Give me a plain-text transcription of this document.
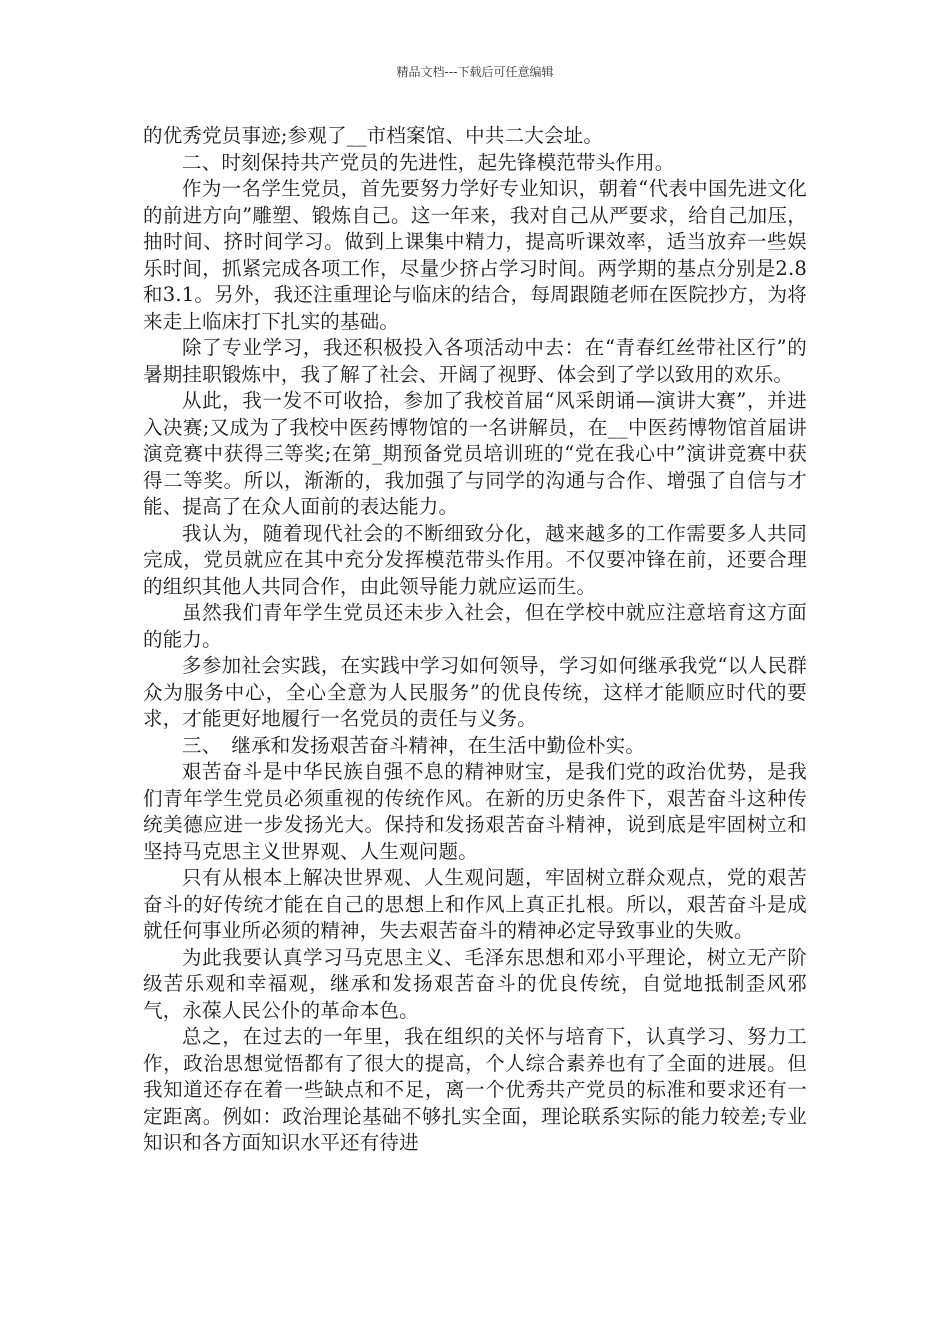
精品文档---下载后可任意编辑

的优秀党员事迹;参观了__市档案馆、中共二大会址。

二、时刻保持共产党员的先进性，起先锋模范带头作用。

作为一名学生党员，首先要努力学好专业知识，朝着“代表中国先进文化的前进方向”雕塑、锻炼自己。这一年来，我对自己从严要求，给自己加压，抽时间、挤时间学习。做到上课集中精力，提高听课效率，适当放弃一些娱乐时间，抓紧完成各项工作，尽量少挤占学习时间。两学期的基点分别是2.8和3.1。另外，我还注重理论与临床的结合，每周跟随老师在医院抄方，为将来走上临床打下扎实的基础。

除了专业学习，我还积极投入各项活动中去：在“青春红丝带社区行”的暑期挂职锻炼中，我了解了社会、开阔了视野、体会到了学以致用的欢乐。

从此，我一发不可收拾，参加了我校首届“风采朗诵—演讲大赛”，并进入决赛;又成为了我校中医药博物馆的一名讲解员，在__中医药博物馆首届讲演竞赛中获得三等奖;在第_期预备党员培训班的“党在我心中”演讲竞赛中获得二等奖。所以，渐渐的，我加强了与同学的沟通与合作、增强了自信与才能、提高了在众人面前的表达能力。

我认为，随着现代社会的不断细致分化，越来越多的工作需要多人共同完成，党员就应在其中充分发挥模范带头作用。不仅要冲锋在前，还要合理的组织其他人共同合作，由此领导能力就应运而生。

虽然我们青年学生党员还未步入社会，但在学校中就应注意培育这方面的能力。

多参加社会实践，在实践中学习如何领导，学习如何继承我党“以人民群众为服务中心，全心全意为人民服务”的优良传统，这样才能顺应时代的要求，才能更好地履行一名党员的责任与义务。

三、　继承和发扬艰苦奋斗精神，在生活中勤俭朴实。

艰苦奋斗是中华民族自强不息的精神财宝，是我们党的政治优势，是我们青年学生党员必须重视的传统作风。在新的历史条件下，艰苦奋斗这种传统美德应进一步发扬光大。保持和发扬艰苦奋斗精神，说到底是牢固树立和坚持马克思主义世界观、人生观问题。

只有从根本上解决世界观、人生观问题，牢固树立群众观点，党的艰苦奋斗的好传统才能在自己的思想上和作风上真正扎根。所以，艰苦奋斗是成就任何事业所必须的精神，失去艰苦奋斗的精神必定导致事业的失败。

为此我要认真学习马克思主义、毛泽东思想和邓小平理论，树立无产阶级苦乐观和幸福观，继承和发扬艰苦奋斗的优良传统，自觉地抵制歪风邪气，永葆人民公仆的革命本色。

总之，在过去的一年里，我在组织的关怀与培育下，认真学习、努力工作，政治思想觉悟都有了很大的提高，个人综合素养也有了全面的进展。但我知道还存在着一些缺点和不足，离一个优秀共产党员的标准和要求还有一定距离。例如：政治理论基础不够扎实全面，理论联系实际的能力较差;专业知识和各方面知识水平还有待进
